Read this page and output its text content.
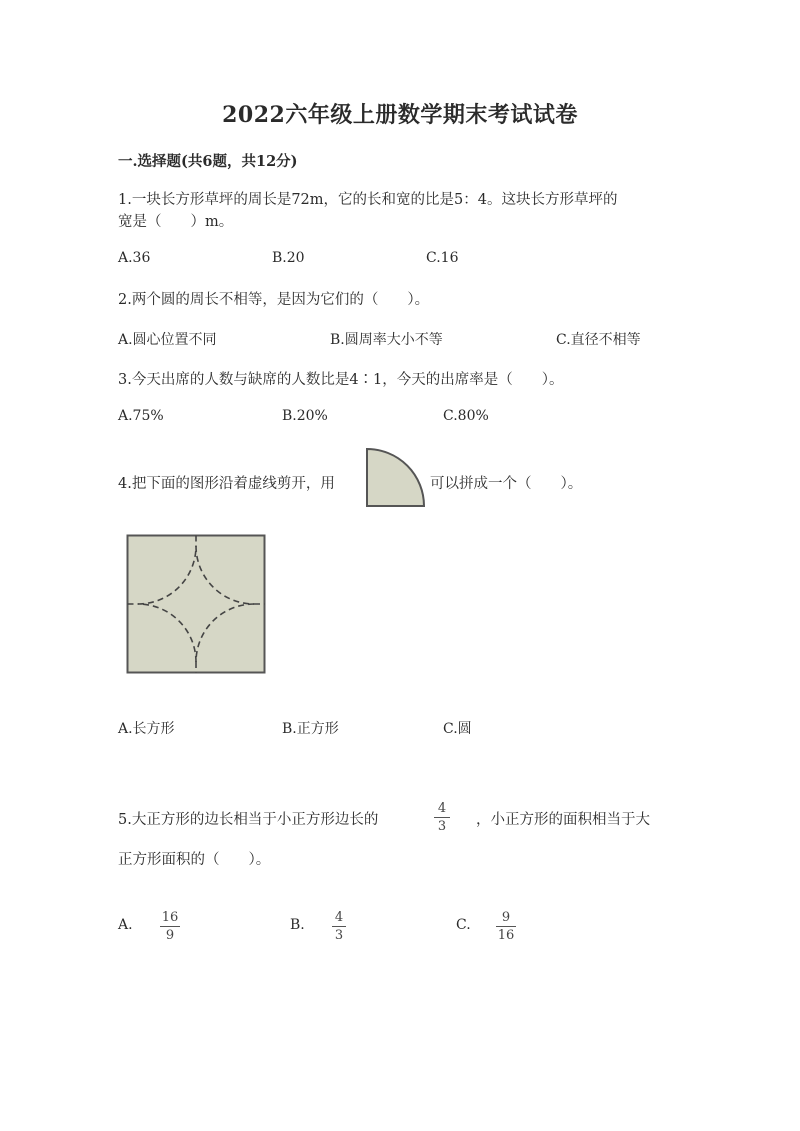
2022六年级上册数学期末考试试卷
一.选择题(共6题，共12分)
1.一块长方形草坪的周长是72m，它的长和宽的比是5：4。这块长方形草坪的
宽是（　　）m。
A.36	B.20	C.16
2.两个圆的周长不相等，是因为它们的（　　）。
A.圆心位置不同	B.圆周率大小不等	C.直径不相等
3.今天出席的人数与缺席的人数比是4∶1，今天的出席率是（　　）。
A.75%	B.20%	C.80%
4.把下面的图形沿着虚线剪开，用	可以拼成一个（　　）。
A.长方形	B.正方形	C.圆
5.大正方形的边长相当于小正方形边长的
4
3 ，小正方形的面积相当于大
正方形面积的（　　）。
A. 16
9
B. 4
3
C.	9
16
